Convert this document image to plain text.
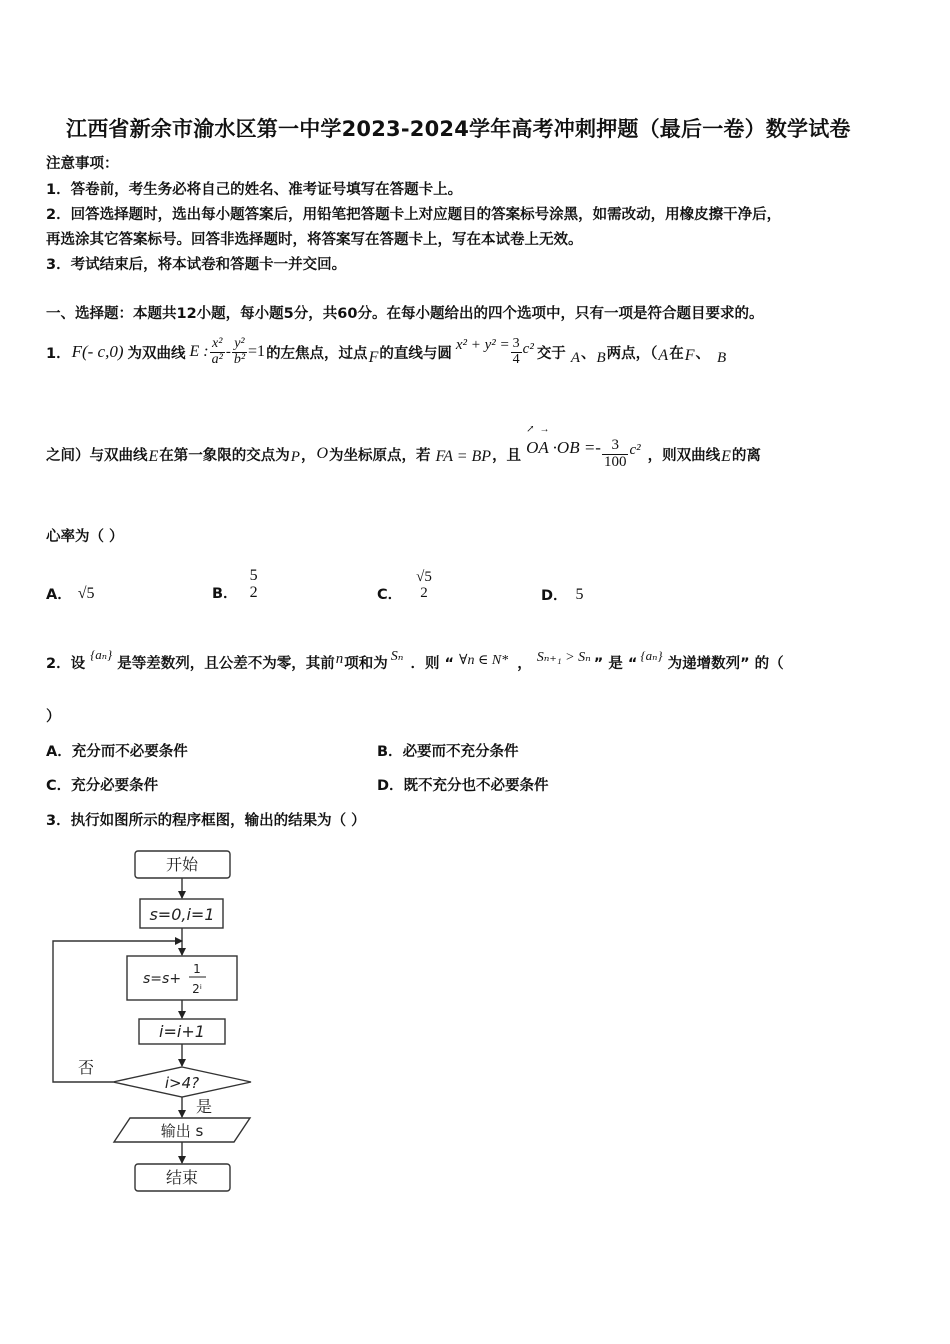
江西省新余市渝水区第一中学2023-2024学年高考冲刺押题（最后一卷）数学试卷
注意事项：
1．答卷前，考生务必将自己的姓名、准考证号填写在答题卡上。
2．回答选择题时，选出每小题答案后，用铅笔把答题卡上对应题目的答案标号涂黑，如需改动，用橡皮擦干净后，
再选涂其它答案标号。回答非选择题时，将答案写在答题卡上，写在本试卷上无效。
3．考试结束后，将本试卷和答题卡一并交回。
一、选择题：本题共12小题，每小题5分，共60分。在每小题给出的四个选项中，只有一项是符合题目要求的。
1． F(- c,0) 为双曲线 E : $\frac{\text{x²}}{\text{a²}} - \frac{\text{y²}}{\text{b²}} =1$ 的左焦点，过点 F 的直线与圆
$x^2 + y^2 = \frac{3}{4} c^2$ 交于 A 、 B 两点，（ A 在 F 、 B
之间）与双曲线 E 在第一象限的交点为 P ， O 为坐标原点，若 FA = BP ，且
↗  →
OA $\cdot OB =- \frac{3}{100} c^2$ ，则双曲线 E 的离
心率为（ ）
A． √5	B．
5
2	C．
√5
2	D． 5
2．设
{aₙ}
是等差数列，且公差不为零，其前 n 项和为 Sₙ ．则 “ ∀n ∈ N* ， Sₙ₊₁ > Sₙ ” 是 “ {aₙ} 为递增数列” 的（
）
A．充分而不必要条件	B．必要而不充分条件
C．充分必要条件	D．既不充分也不必要条件
3．执行如图所示的程序框图，输出的结果为（ ）
开始
s=0,i=1
s=s+
1
2ⁱ
i=i+1
i>4?
否
是
输出 s
结束
